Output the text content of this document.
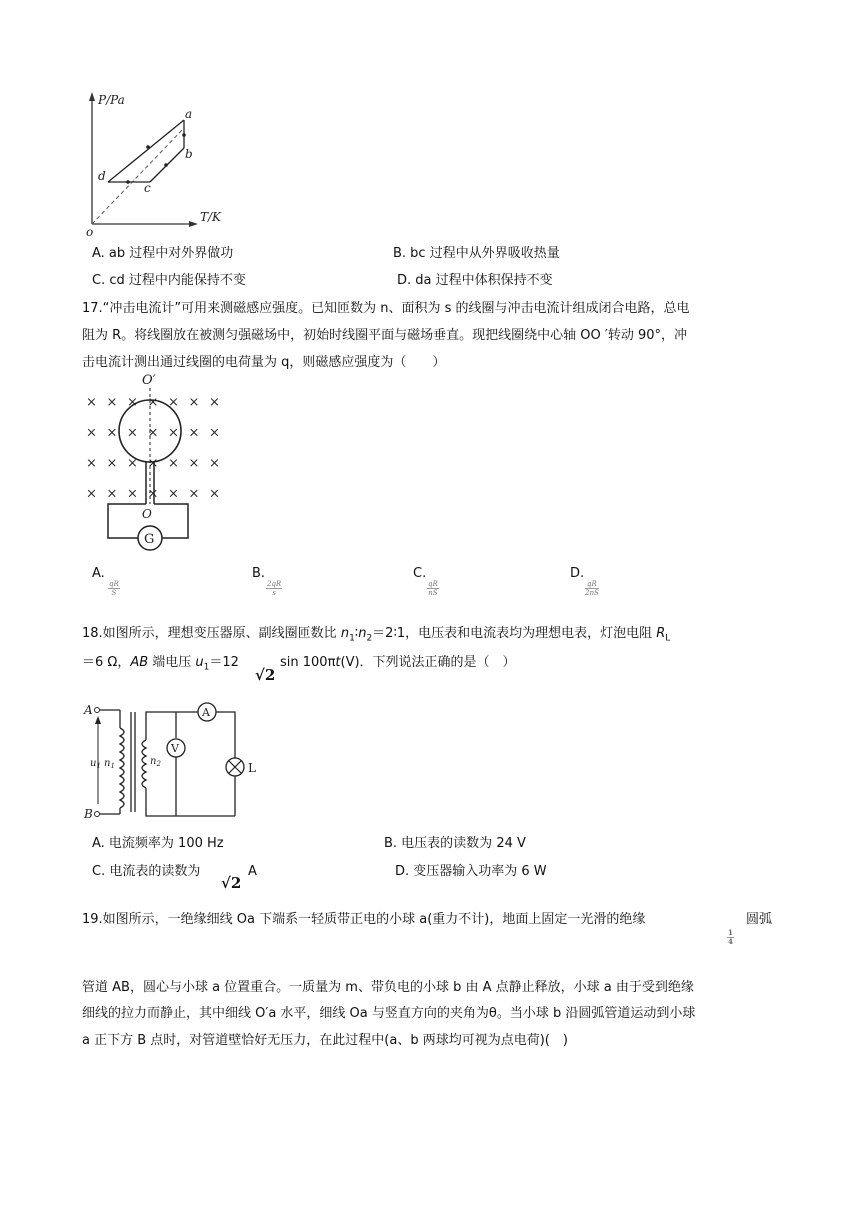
P/Pa
T/K
o
a
b
c
d
A. ab 过程中对外界做功	B. bc 过程中从外界吸收热量
C. cd 过程中内能保持不变	D. da 过程中体积保持不变
17.“冲击电流计”可用来测磁感应强度。已知匝数为 n、面积为 s 的线圈与冲击电流计组成闭合电路，总电
阻为 R。将线圈放在被测匀强磁场中，初始时线圈平面与磁场垂直。现把线圈绕中心轴 OO ′转动 90°，冲
击电流计测出通过线圈的电荷量为 q，则磁感应强度为（　　）
× × × × × × ×
× × × × × × ×
× × × × × × ×
× × × × × × ×
G
O′
O
A.
$\frac{qR}{S}$
B.
$\frac{2qR}{s}$
C.
$\frac{qR}{nS}$
D.
$\frac{qR}{2nS}$
18.如图所示，理想变压器原、副线圈匝数比 $n_1∶n_2=2∶1$，电压表和电流表均为理想电表，灯泡电阻 $R_L$
＝6 Ω，AB 端电压 $u_1=12$
√2
sin 100πt(V)．下列说法正确的是（　）
A
B
$u_1$ $n_1$	$n_2$
V
A
L
A. 电流频率为 100 Hz	B. 电压表的读数为 24 V
C. 电流表的读数为
√2
A	D. 变压器输入功率为 6 W
19.如图所示，一绝缘细线 Oa 下端系一轻质带正电的小球 a(重力不计)，地面上固定一光滑的绝缘
$\frac{1}{4}$
圆弧
管道 AB，圆心与小球 a 位置重合。一质量为 m、带负电的小球 b 由 A 点静止释放，小球 a 由于受到绝缘
细线的拉力而静止，其中细线 O′a 水平，细线 Oa 与竖直方向的夹角为θ。当小球 b 沿圆弧管道运动到小球
a 正下方 B 点时，对管道壁恰好无压力，在此过程中(a、b 两球均可视为点电荷)(　)
